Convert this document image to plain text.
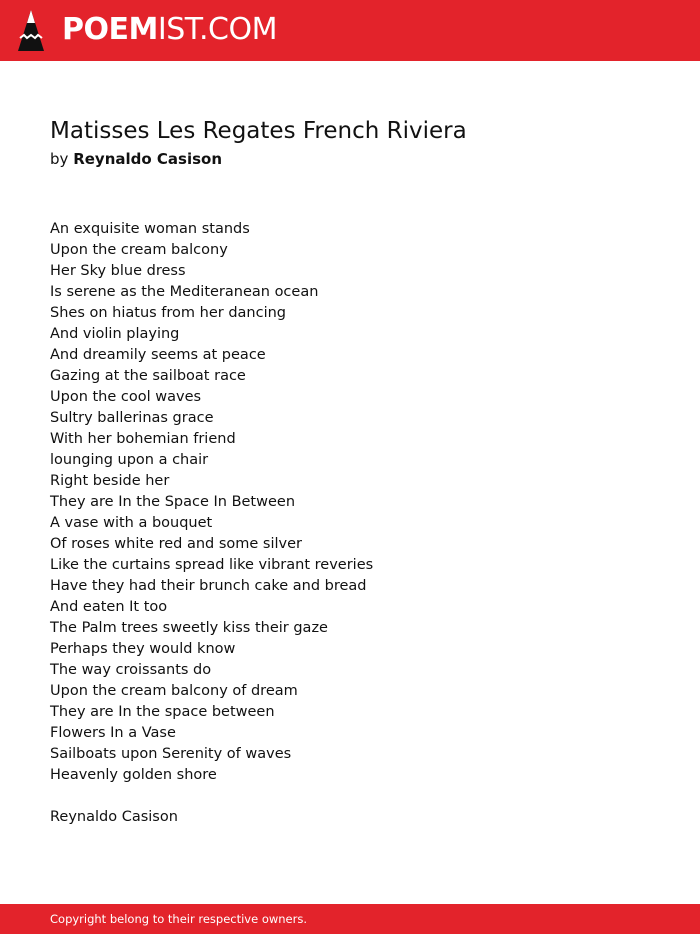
POEMIST.COM
Matisses Les Regates French Riviera
by Reynaldo Casison
An exquisite woman stands
Upon the cream balcony
Her Sky blue dress
Is serene as the Mediteranean ocean
Shes on hiatus from her dancing
And violin playing
And dreamily seems at peace
Gazing at the sailboat race
Upon the cool waves
Sultry ballerinas grace
With her bohemian friend
lounging upon a chair
Right beside her
They are In the Space In Between
A vase with a bouquet
Of roses white red and some silver
Like the curtains spread like vibrant reveries
Have they had their brunch cake and bread
And eaten It too
The Palm trees sweetly kiss their gaze
Perhaps they would know
The way croissants do
Upon the cream balcony of dream
They are In the space between
Flowers In a Vase
Sailboats upon Serenity of waves
Heavenly golden shore
Reynaldo Casison
Copyright belong to their respective owners.
